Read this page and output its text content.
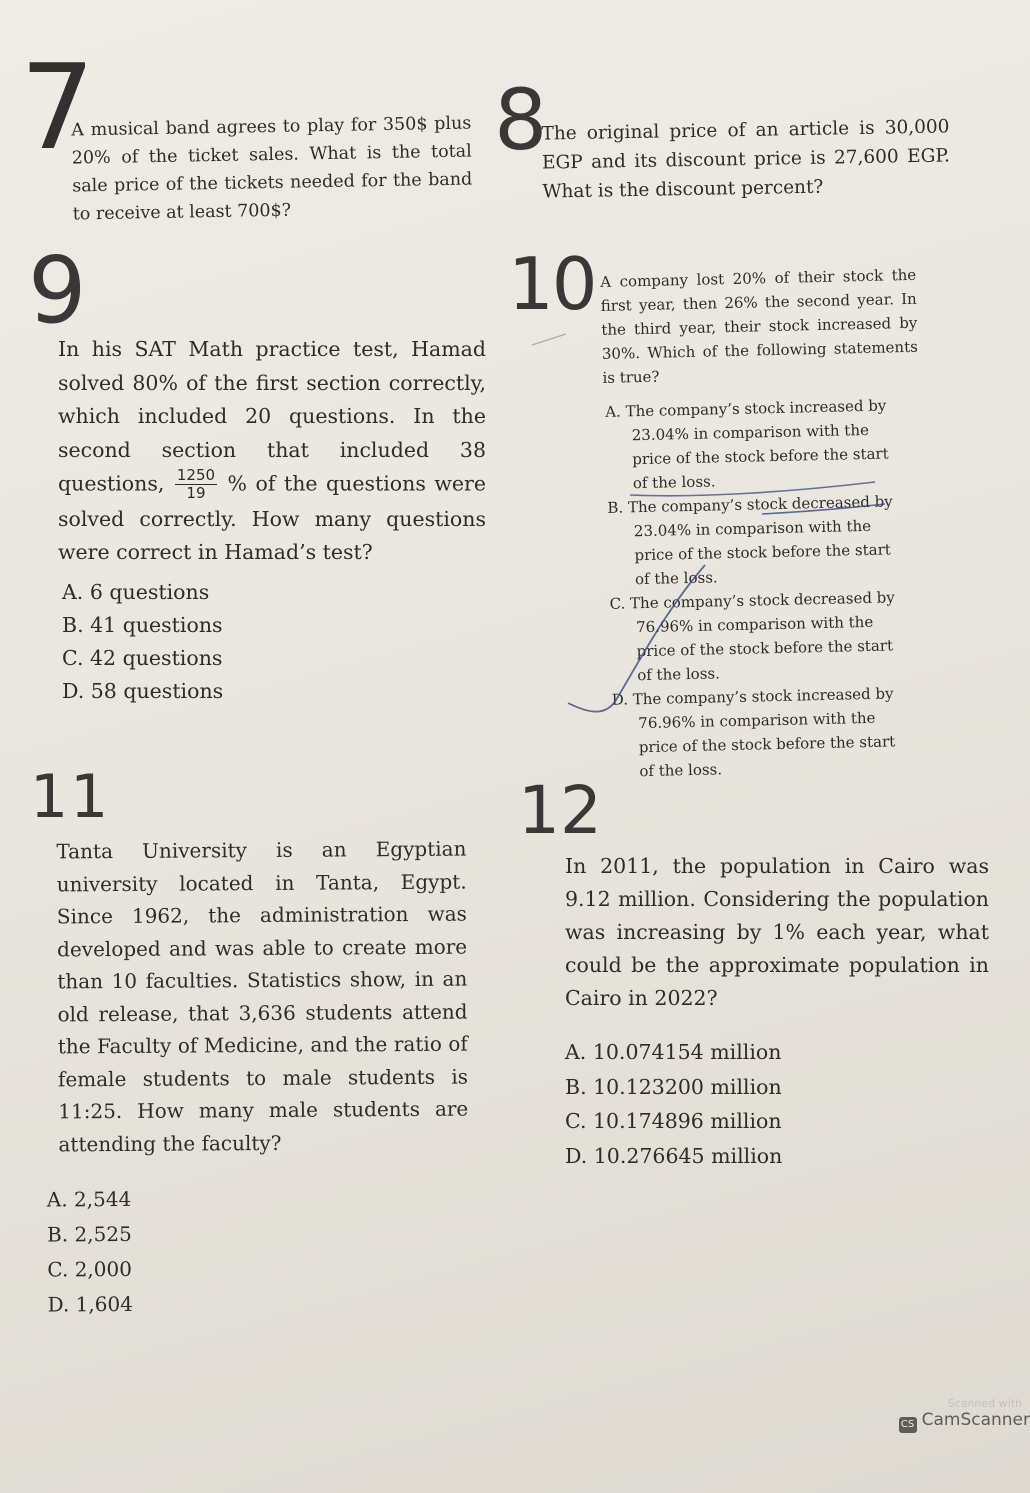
7

A musical band agrees to play for 350$ plus 20% of the ticket sales. What is the total sale price of the tickets needed for the band to receive at least 700$?

8

The original price of an article is 30,000 EGP and its discount price is 27,600 EGP. What is the discount percent?

9

In his SAT Math practice test, Hamad solved 80% of the first section correctly, which included 20 questions. In the second section that included 38 questions, $\frac{1250}{19}$ % of the questions were solved correctly. How many questions were correct in Hamad’s test?

A. 6 questions
B. 41 questions
C. 42 questions
D. 58 questions
10 A company lost 20% of their stock the first year, then 26% the second year. In the third year, their stock increased by 30%. Which of the following statements is true?

A. The company’s stock increased by 23.04% in comparison with the price of the stock before the start of the loss.
B. The company’s stock decreased by 23.04% in comparison with the price of the stock before the start of the loss.
C. The company’s stock decreased by 76.96% in comparison with the price of the stock before the start of the loss.
D. The company’s stock increased by 76.96% in comparison with the price of the stock before the start of the loss.
11

Tanta University is an Egyptian university located in Tanta, Egypt. Since 1962, the administration was developed and was able to create more than 10 faculties. Statistics show, in an old release, that 3,636 students attend the Faculty of Medicine, and the ratio of female students to male students is 11:25. How many male students are attending the faculty?

A. 2,544
B. 2,525
C. 2,000
D. 1,604
12

In 2011, the population in Cairo was 9.12 million. Considering the population was increasing by 1% each year, what could be the approximate population in Cairo in 2022?

A. 10.074154 million
B. 10.123200 million
C. 10.174896 million
D. 10.276645 million
Scanned with
CS CamScanner
